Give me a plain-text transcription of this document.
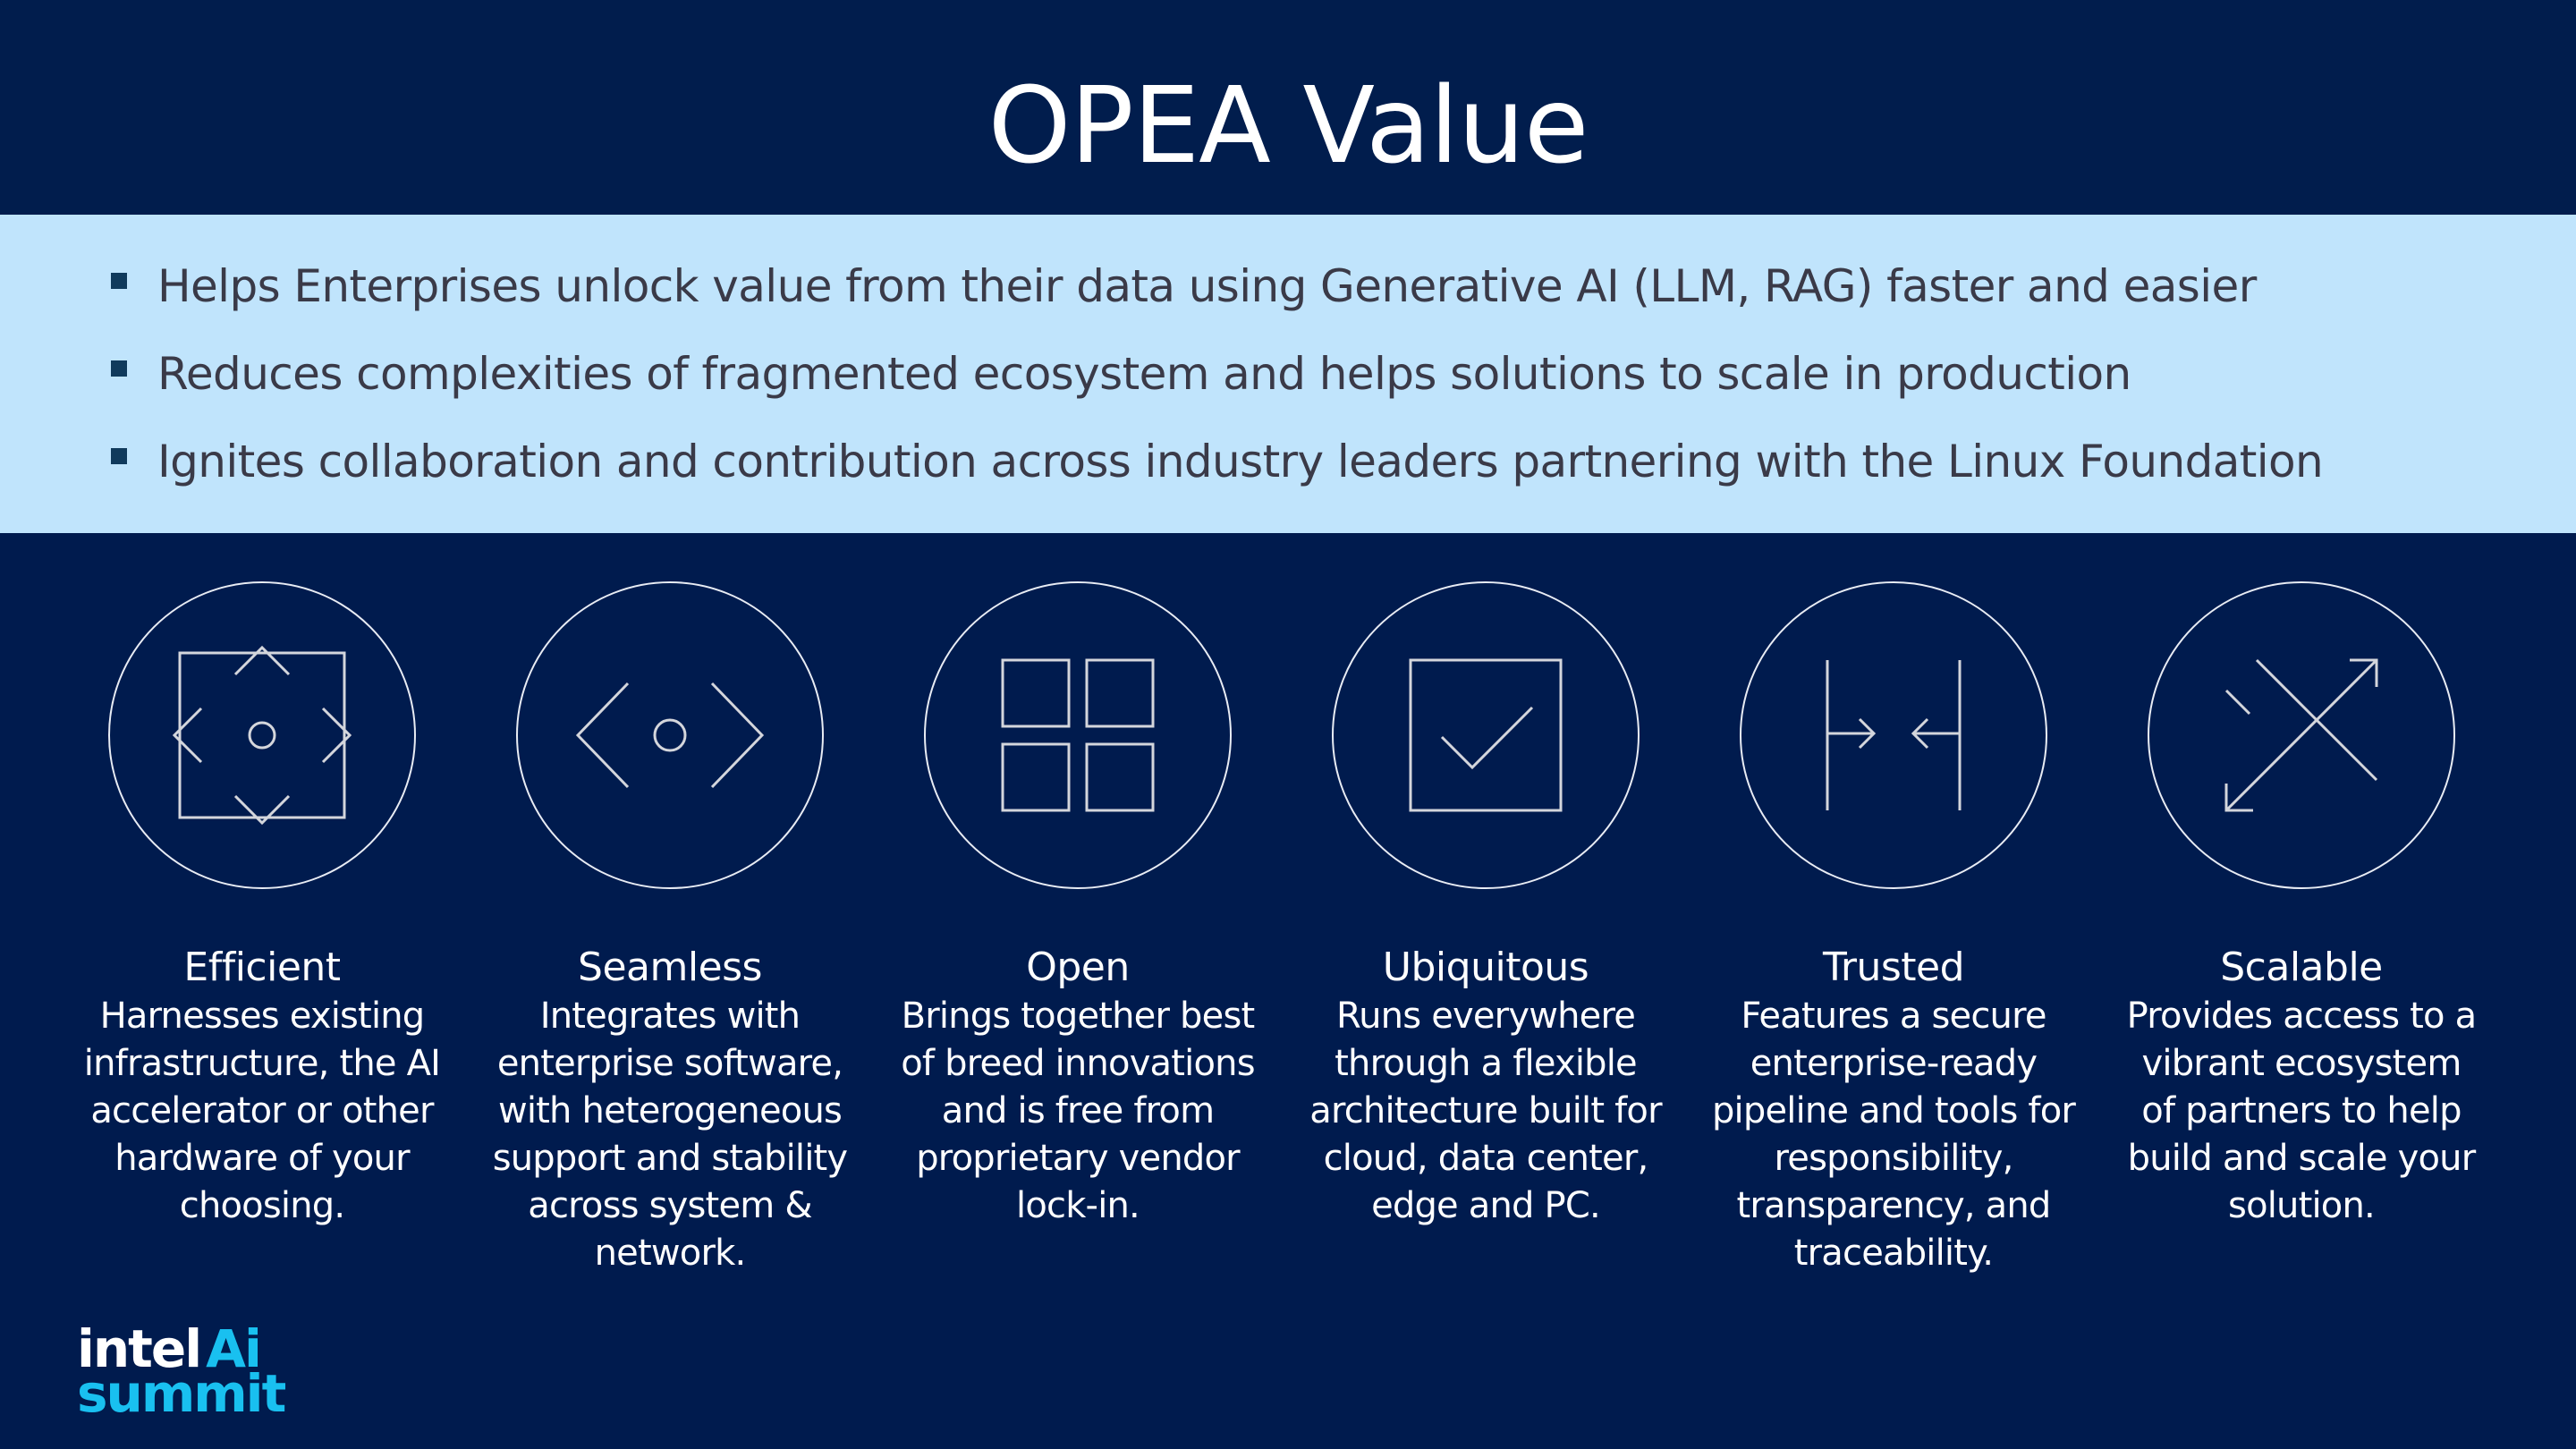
OPEA Value
Helps Enterprises unlock value from their data using Generative AI (LLM, RAG) faster and easier
Reduces complexities of fragmented ecosystem and helps solutions to scale in production
Ignites collaboration and contribution across industry leaders partnering with the Linux Foundation
Efficient
Harnesses existing
infrastructure, the AI
accelerator or other
hardware of your
choosing.
Seamless
Integrates with
enterprise software,
with heterogeneous
support and stability
across system &
network.
Open
Brings together best
of breed innovations
and is free from
proprietary vendor
lock-in.
Ubiquitous
Runs everywhere
through a flexible
architecture built for
cloud, data center,
edge and PC.
Trusted
Features a secure
enterprise-ready
pipeline and tools for
responsibility,
transparency, and
traceability.
Scalable
Provides access to a
vibrant ecosystem
of partners to help
build and scale your
solution.
intel Ai
summit
